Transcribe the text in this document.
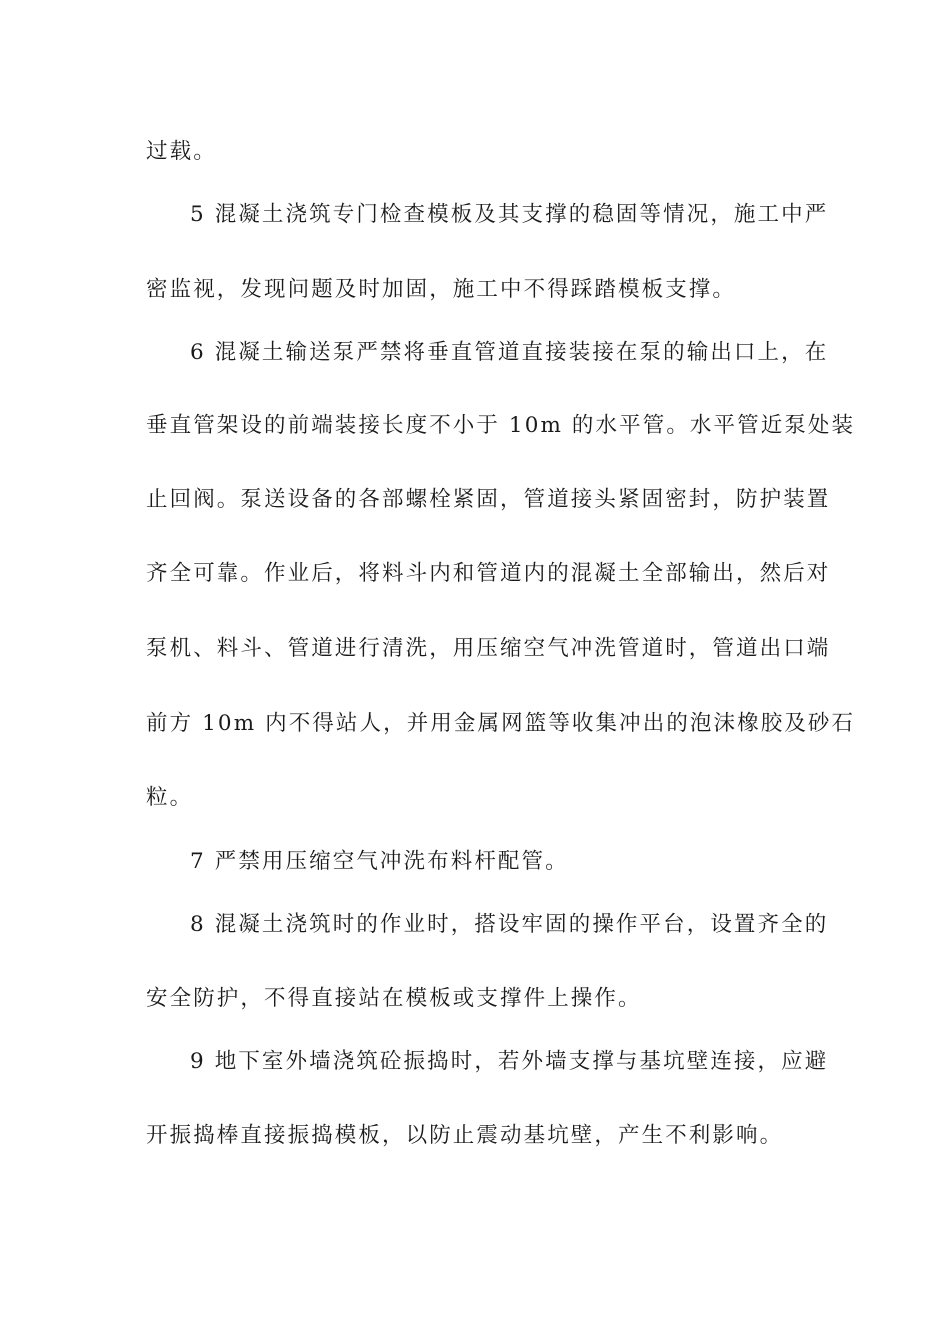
过载。
5 混凝土浇筑专门检查模板及其支撑的稳固等情况，施工中严
密监视，发现问题及时加固，施工中不得踩踏模板支撑。
6 混凝土输送泵严禁将垂直管道直接装接在泵的输出口上，在
垂直管架设的前端装接长度不小于 10m 的水平管。水平管近泵处装
止回阀。泵送设备的各部螺栓紧固，管道接头紧固密封，防护装置
齐全可靠。作业后，将料斗内和管道内的混凝土全部输出，然后对
泵机、料斗、管道进行清洗，用压缩空气冲洗管道时，管道出口端
前方 10m 内不得站人，并用金属网篮等收集冲出的泡沫橡胶及砂石
粒。
7 严禁用压缩空气冲洗布料杆配管。
8 混凝土浇筑时的作业时，搭设牢固的操作平台，设置齐全的
安全防护，不得直接站在模板或支撑件上操作。
9 地下室外墙浇筑砼振捣时，若外墙支撑与基坑壁连接，应避
开振捣棒直接振捣模板，以防止震动基坑壁，产生不利影响。
